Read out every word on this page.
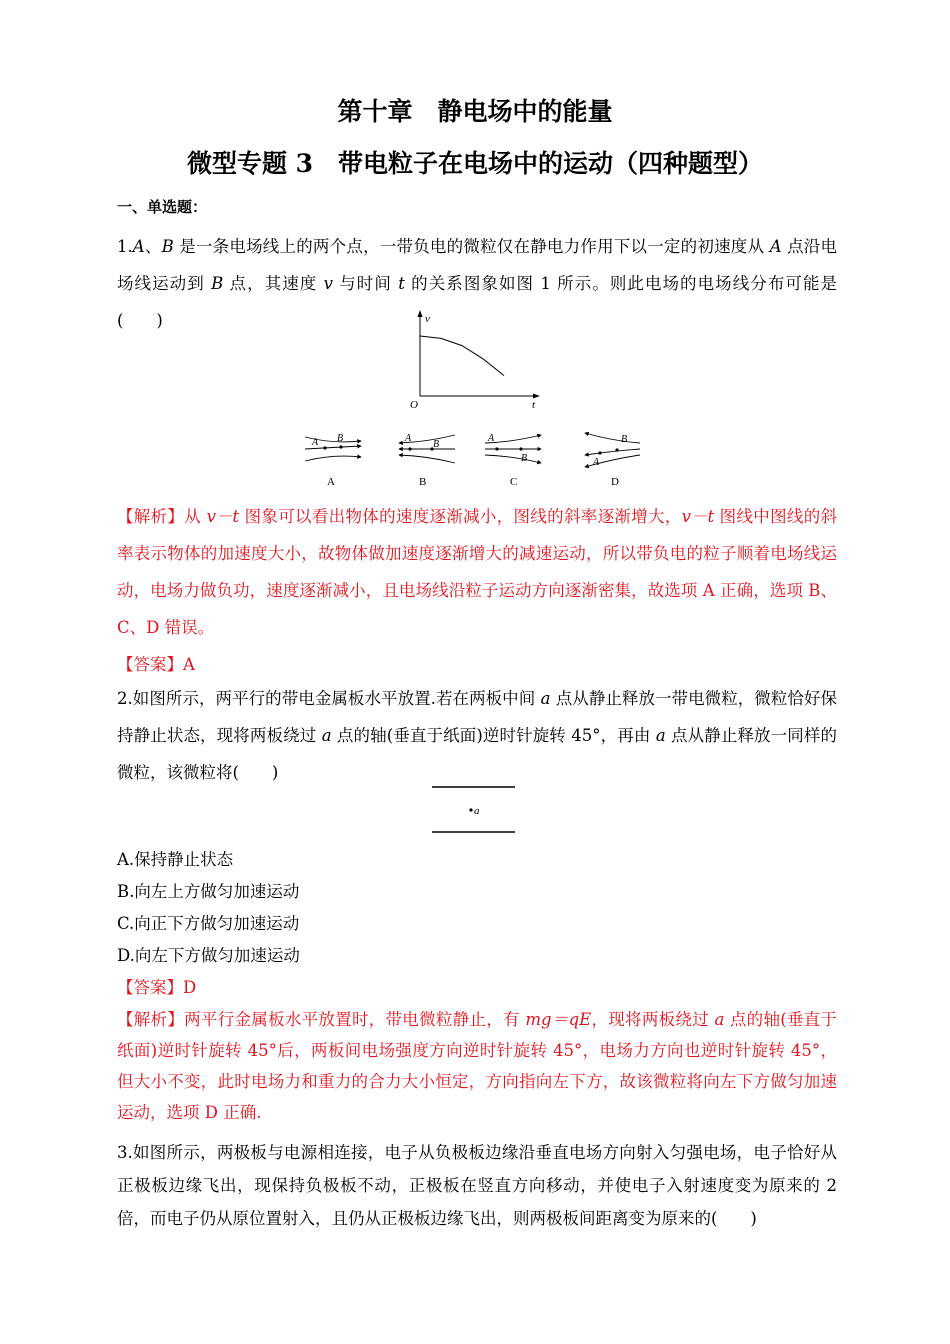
第十章　静电场中的能量
微型专题 3　带电粒子在电场中的运动（四种题型）
一、单选题：
1.A、B 是一条电场线上的两个点，一带负电的微粒仅在静电力作用下以一定的初速度从 A 点沿电场线运动到 B 点，其速度 v 与时间 t 的关系图象如图 1 所示。则此电场的电场线分布可能是(　　)	v
t
O
A B
A
A
B
B
A
B
C
A
B
D
【解析】从 v－t 图象可以看出物体的速度逐渐减小，图线的斜率逐渐增大，v－t 图线中图线的斜率表示物体的加速度大小，故物体做加速度逐渐增大的减速运动，所以带负电的粒子顺着电场线运动，电场力做负功，速度逐渐减小，且电场线沿粒子运动方向逐渐密集，故选项 A 正确，选项 B、C、D 错误。
【答案】A
2.如图所示，两平行的带电金属板水平放置.若在两板中间 a 点从静止释放一带电微粒，微粒恰好保持静止状态，现将两板绕过 a 点的轴(垂直于纸面)逆时针旋转 45°，再由 a 点从静止释放一同样的微粒，该微粒将(　　)
a
A.保持静止状态
B.向左上方做匀加速运动
C.向正下方做匀加速运动
D.向左下方做匀加速运动
【答案】D
【解析】两平行金属板水平放置时，带电微粒静止，有 mg＝qE，现将两板绕过 a 点的轴(垂直于纸面)逆时针旋转 45°后，两板间电场强度方向逆时针旋转 45°，电场力方向也逆时针旋转 45°，但大小不变，此时电场力和重力的合力大小恒定，方向指向左下方，故该微粒将向左下方做匀加速运动，选项 D 正确.
3.如图所示，两极板与电源相连接，电子从负极板边缘沿垂直电场方向射入匀强电场，电子恰好从正极板边缘飞出，现保持负极板不动，正极板在竖直方向移动，并使电子入射速度变为原来的 2 倍，而电子仍从原位置射入，且仍从正极板边缘飞出，则两极板间距离变为原来的(　　)
